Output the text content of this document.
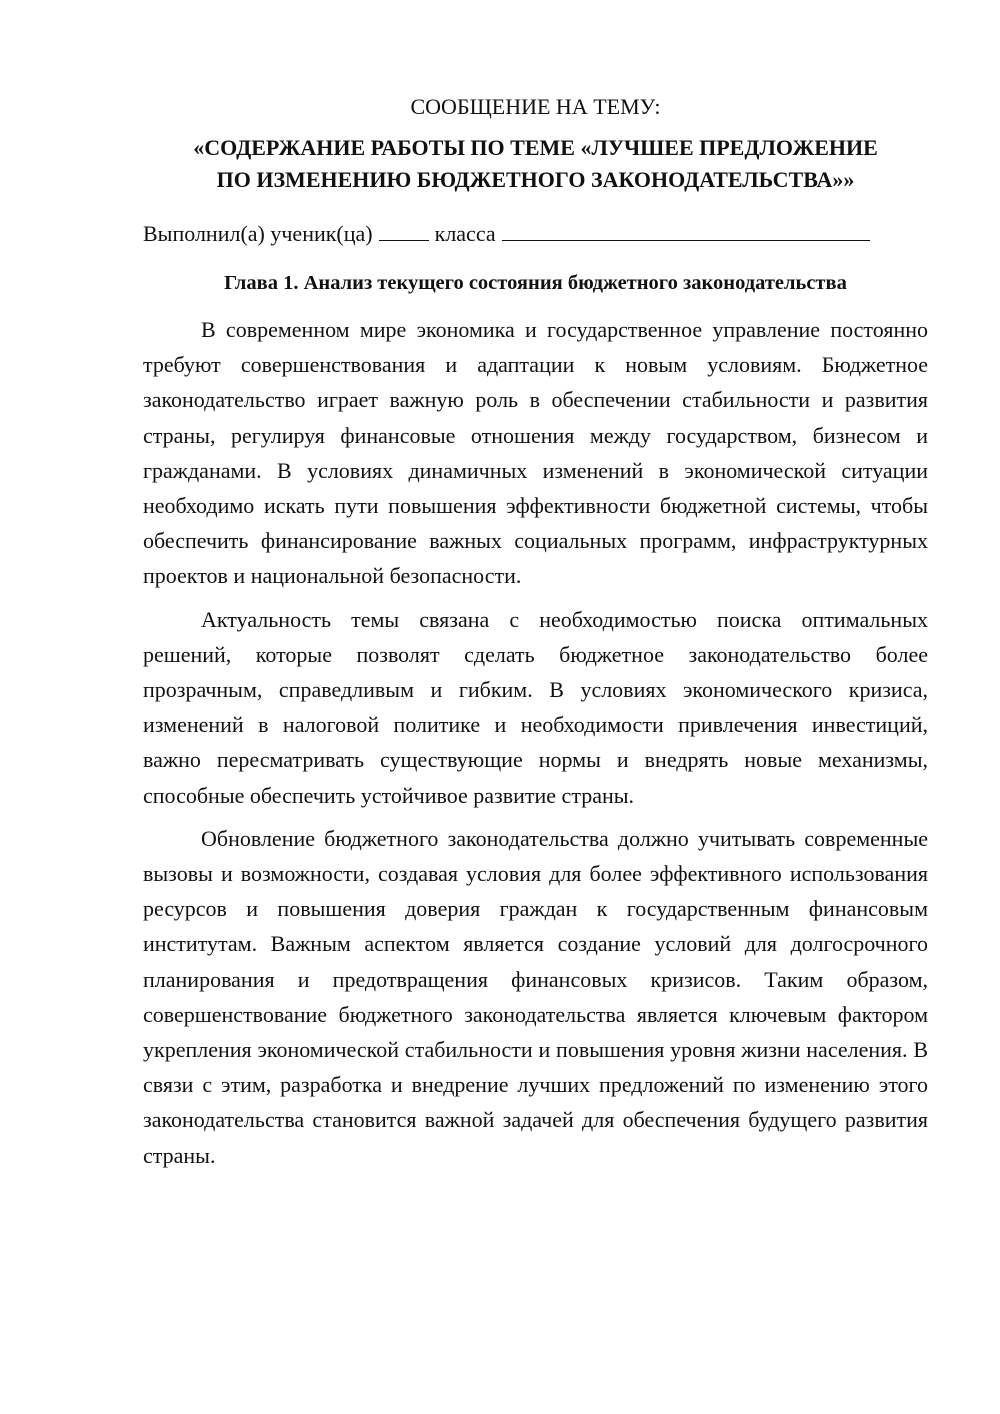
СООБЩЕНИЕ НА ТЕМУ:
«СОДЕРЖАНИЕ РАБОТЫ ПО ТЕМЕ «ЛУЧШЕЕ ПРЕДЛОЖЕНИЕ
ПО ИЗМЕНЕНИЮ БЮДЖЕТНОГО ЗАКОНОДАТЕЛЬСТВА»»
Выполнил(а) ученик(ца)	класса
Глава 1. Анализ текущего состояния бюджетного законодательства

В современном мире экономика и государственное управление постоянно требуют совершенствования и адаптации к новым условиям. Бюджетное законодательство играет важную роль в обеспечении стабильности и развития страны, регулируя финансовые отношения между государством, бизнесом и гражданами. В условиях динамичных изменений в экономической ситуации необходимо искать пути повышения эффективности бюджетной системы, чтобы обеспечить финансирование важных социальных программ, инфраструктурных проектов и национальной безопасности.

Актуальность темы связана с необходимостью поиска оптимальных решений, которые позволят сделать бюджетное законодательство более прозрачным, справедливым и гибким. В условиях экономического кризиса, изменений в налоговой политике и необходимости привлечения инвестиций, важно пересматривать существующие нормы и внедрять новые механизмы, способные обеспечить устойчивое развитие страны.

Обновление бюджетного законодательства должно учитывать современные вызовы и возможности, создавая условия для более эффективного использования ресурсов и повышения доверия граждан к государственным финансовым институтам. Важным аспектом является создание условий для долгосрочного планирования и предотвращения финансовых кризисов. Таким образом, совершенствование бюджетного законодательства является ключевым фактором укрепления экономической стабильности и повышения уровня жизни населения. В связи с этим, разработка и внедрение лучших предложений по изменению этого законодательства становится важной задачей для обеспечения будущего развития страны.
